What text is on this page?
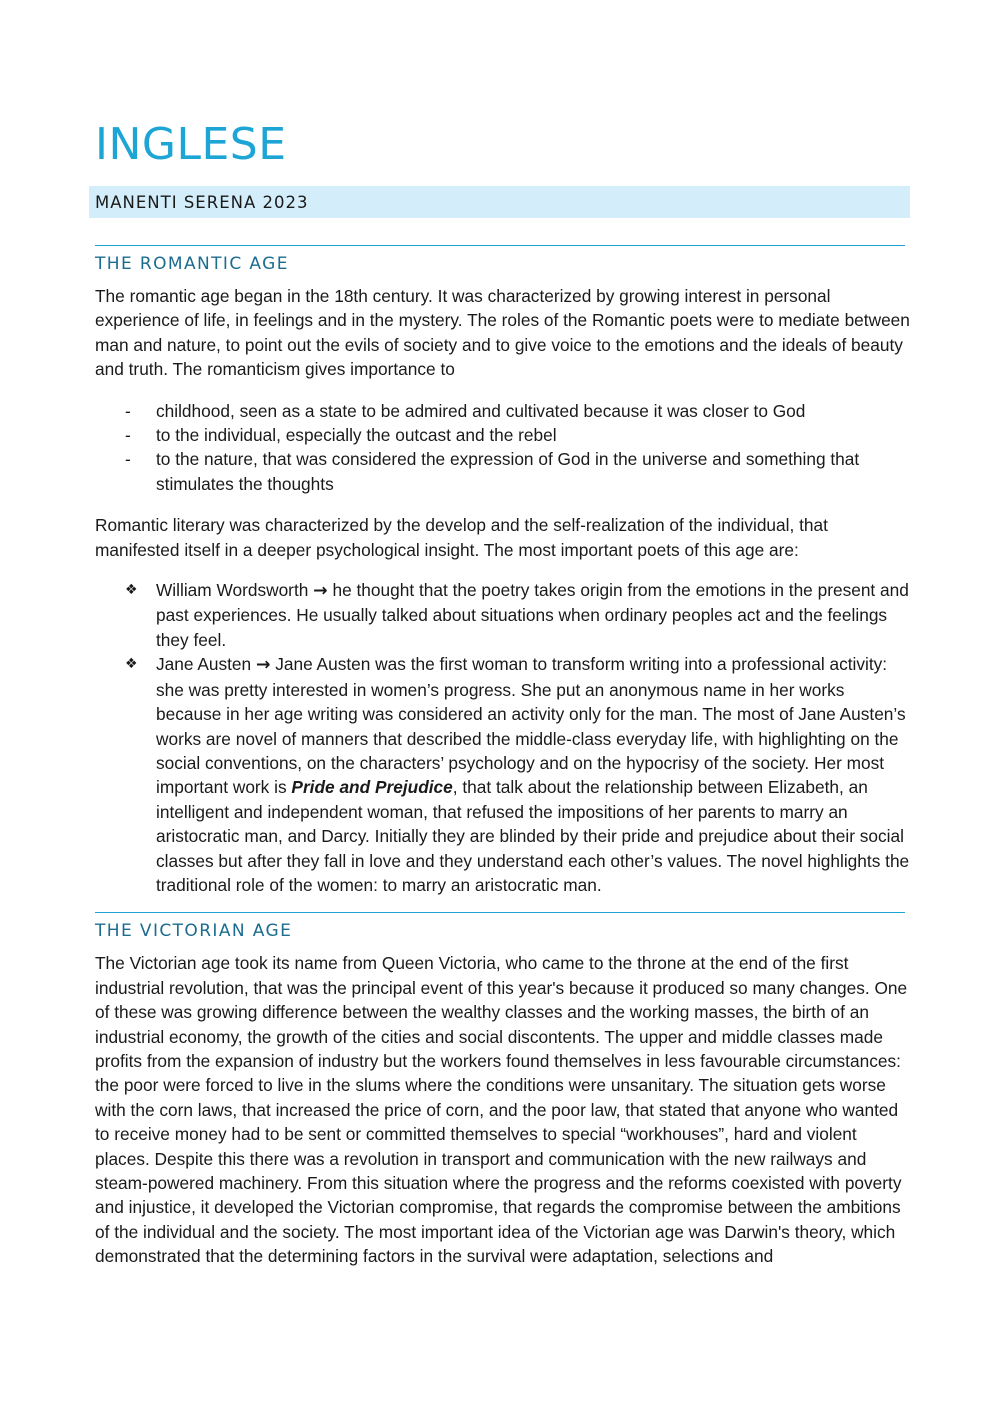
INGLESE
MANENTI SERENA 2023
THE ROMANTIC AGE

The romantic age began in the 18th century. It was characterized by growing interest in personal experience of life, in feelings and in the mystery. The roles of the Romantic poets were to mediate between man and nature, to point out the evils of society and to give voice to the emotions and the ideals of beauty and truth. The romanticism gives importance to

-	childhood, seen as a state to be admired and cultivated because it was closer to God
-	to the individual, especially the outcast and the rebel
-	to the nature, that was considered the expression of God in the universe and something that stimulates the thoughts

Romantic literary was characterized by the develop and the self-realization of the individual, that manifested itself in a deeper psychological insight. The most important poets of this age are:

❖	William Wordsworth → he thought that the poetry takes origin from the emotions in the present and past experiences. He usually talked about situations when ordinary peoples act and the feelings they feel.
❖	Jane Austen → Jane Austen was the first woman to transform writing into a professional activity: she was pretty interested in women’s progress. She put an anonymous name in her works because in her age writing was considered an activity only for the man. The most of Jane Austen’s works are novel of manners that described the middle-class everyday life, with highlighting on the social conventions, on the characters’ psychology and on the hypocrisy of the society. Her most important work is Pride and Prejudice, that talk about the relationship between Elizabeth, an intelligent and independent woman, that refused the impositions of her parents to marry an aristocratic man, and Darcy. Initially they are blinded by their pride and prejudice about their social classes but after they fall in love and they understand each other’s values. The novel highlights the traditional role of the women: to marry an aristocratic man.
THE VICTORIAN AGE

The Victorian age took its name from Queen Victoria, who came to the throne at the end of the first industrial revolution, that was the principal event of this year's because it produced so many changes. One of these was growing difference between the wealthy classes and the working masses, the birth of an industrial economy, the growth of the cities and social discontents. The upper and middle classes made profits from the expansion of industry but the workers found themselves in less favourable circumstances: the poor were forced to live in the slums where the conditions were unsanitary. The situation gets worse with the corn laws, that increased the price of corn, and the poor law, that stated that anyone who wanted to receive money had to be sent or committed themselves to special “workhouses”, hard and violent places. Despite this there was a revolution in transport and communication with the new railways and steam-powered machinery. From this situation where the progress and the reforms coexisted with poverty and injustice, it developed the Victorian compromise, that regards the compromise between the ambitions of the individual and the society. The most important idea of the Victorian age was Darwin's theory, which demonstrated that the determining factors in the survival were adaptation, selections and
